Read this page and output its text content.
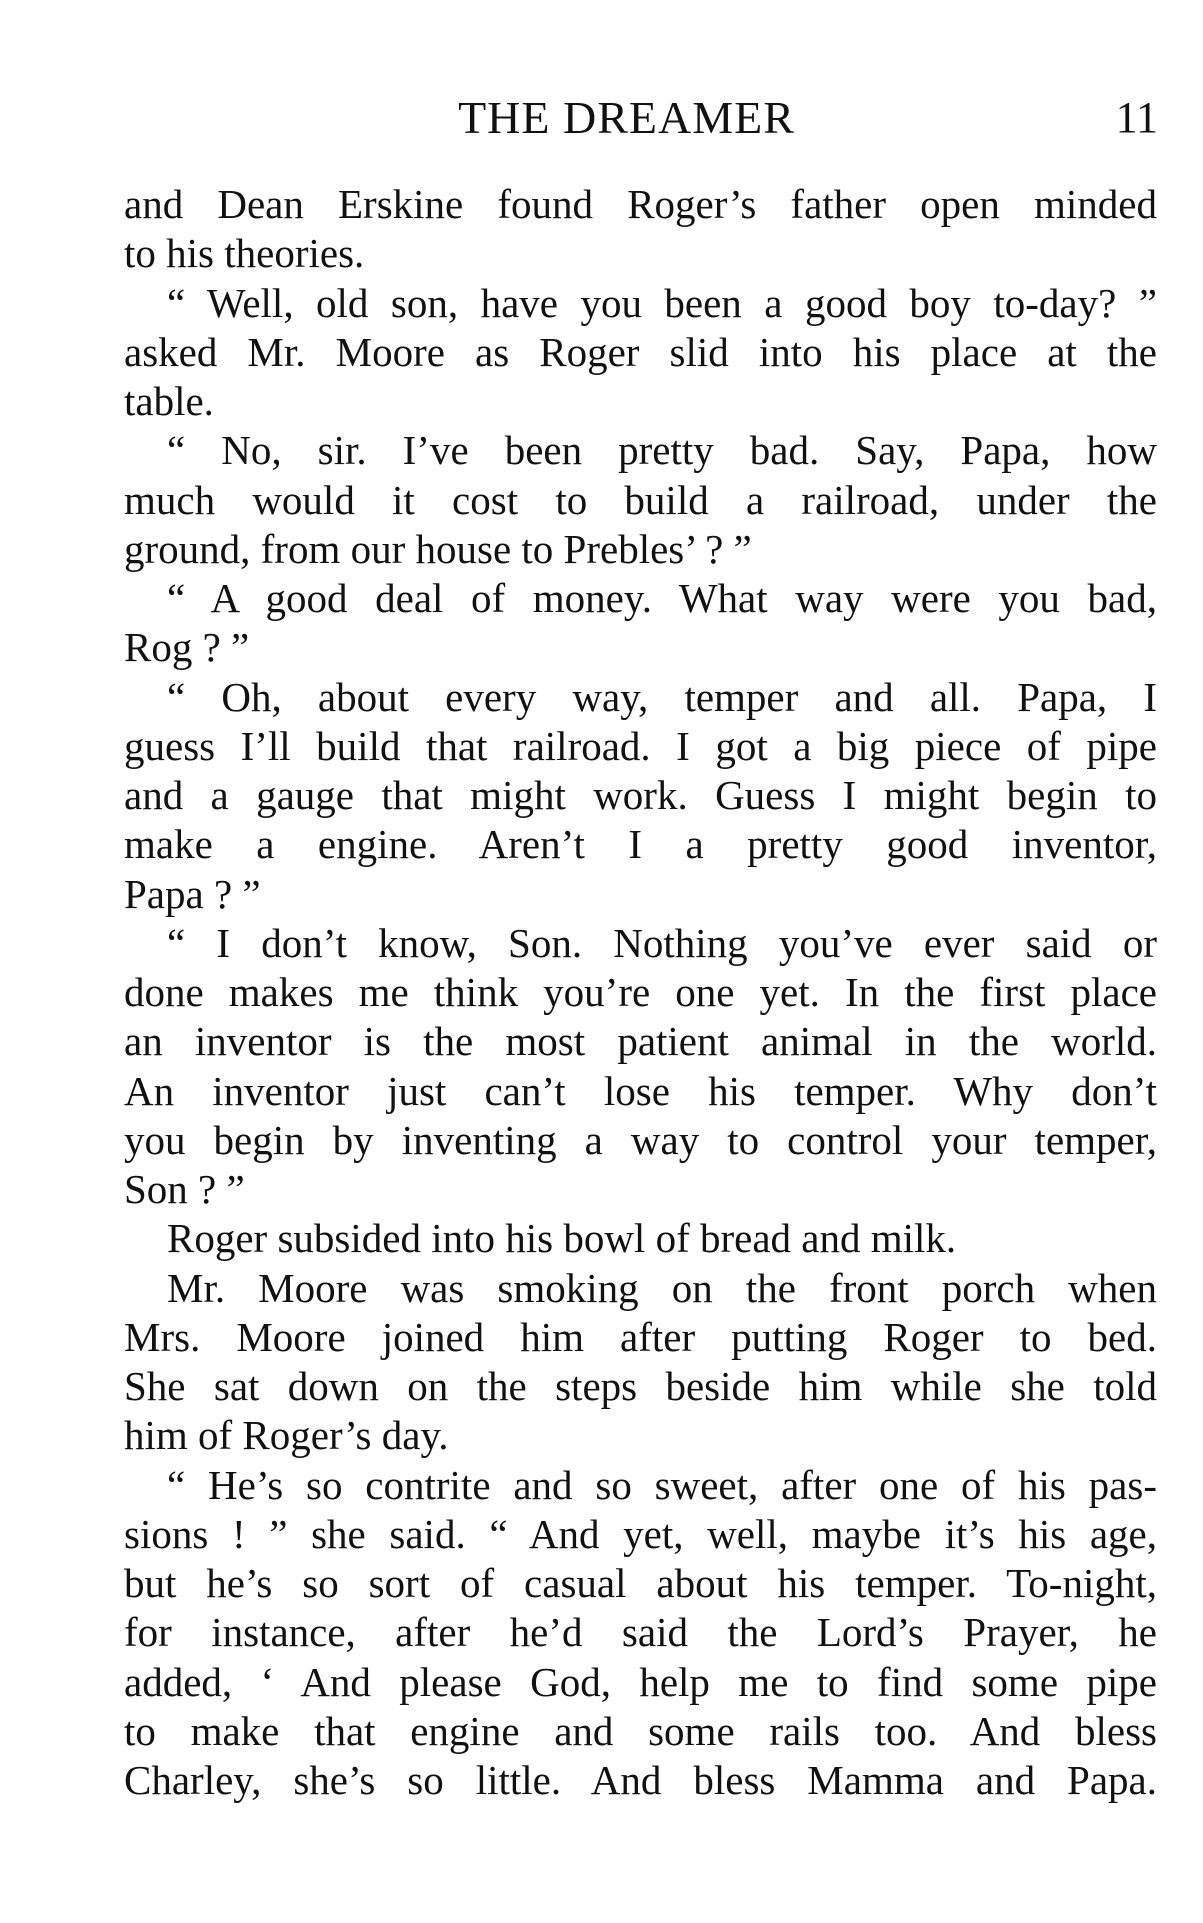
THE DREAMER	11
and Dean Erskine found Roger’s father open minded
to his theories.
“ Well, old son, have you been a good boy to-day? ”
asked Mr. Moore as Roger slid into his place at the
table.
“ No, sir. I’ve been pretty bad. Say, Papa, how
much would it cost to build a railroad, under the
ground, from our house to Prebles’ ? ”
“ A good deal of money. What way were you bad,
Rog ? ”
“ Oh, about every way, temper and all. Papa, I
guess I’ll build that railroad. I got a big piece of pipe
and a gauge that might work. Guess I might begin to
make a engine. Aren’t I a pretty good inventor,
Papa ? ”
“ I don’t know, Son. Nothing you’ve ever said or
done makes me think you’re one yet. In the first place
an inventor is the most patient animal in the world.
An inventor just can’t lose his temper. Why don’t
you begin by inventing a way to control your temper,
Son ? ”
Roger subsided into his bowl of bread and milk.
Mr. Moore was smoking on the front porch when
Mrs. Moore joined him after putting Roger to bed.
She sat down on the steps beside him while she told
him of Roger’s day.
“ He’s so contrite and so sweet, after one of his pas-
sions ! ” she said. “ And yet, well, maybe it’s his age,
but he’s so sort of casual about his temper. To-night,
for instance, after he’d said the Lord’s Prayer, he
added, ‘ And please God, help me to find some pipe
to make that engine and some rails too. And bless
Charley, she’s so little. And bless Mamma and Papa.
